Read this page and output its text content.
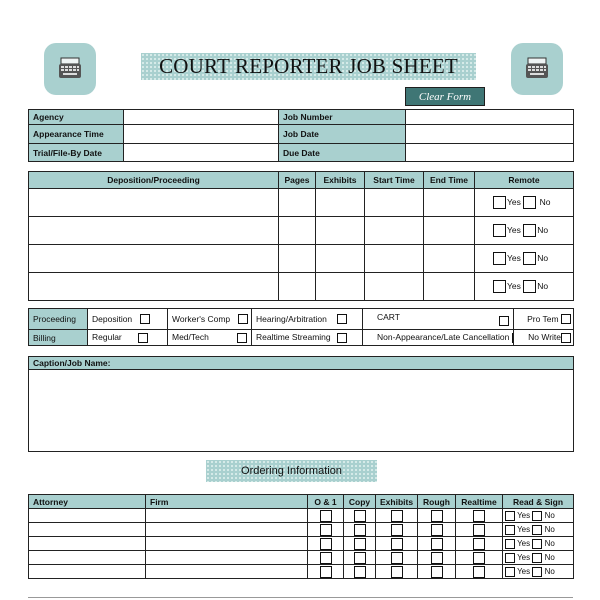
COURT REPORTER JOB SHEET
Clear Form
Agency		Job Number	
Appearance Time		Job Date	
Trial/File-By Date		Due Date	
Deposition/Proceeding	Pages	Exhibits	Start Time	End Time	Remote
					Yes No
					Yes No
					Yes No
					Yes No
Proceeding	Deposition	Worker's Comp	Hearing/Arbitration	CART	Pro Tem
Billing	Regular	Med/Tech	Realtime Streaming	Non-Appearance/Late Cancellation	No Write
Caption/Job Name:

Ordering Information
Attorney	Firm	O & 1	Copy	Exhibits	Rough	Realtime	Read & Sign
							Yes No
							Yes No
							Yes No
							Yes No
							Yes No
